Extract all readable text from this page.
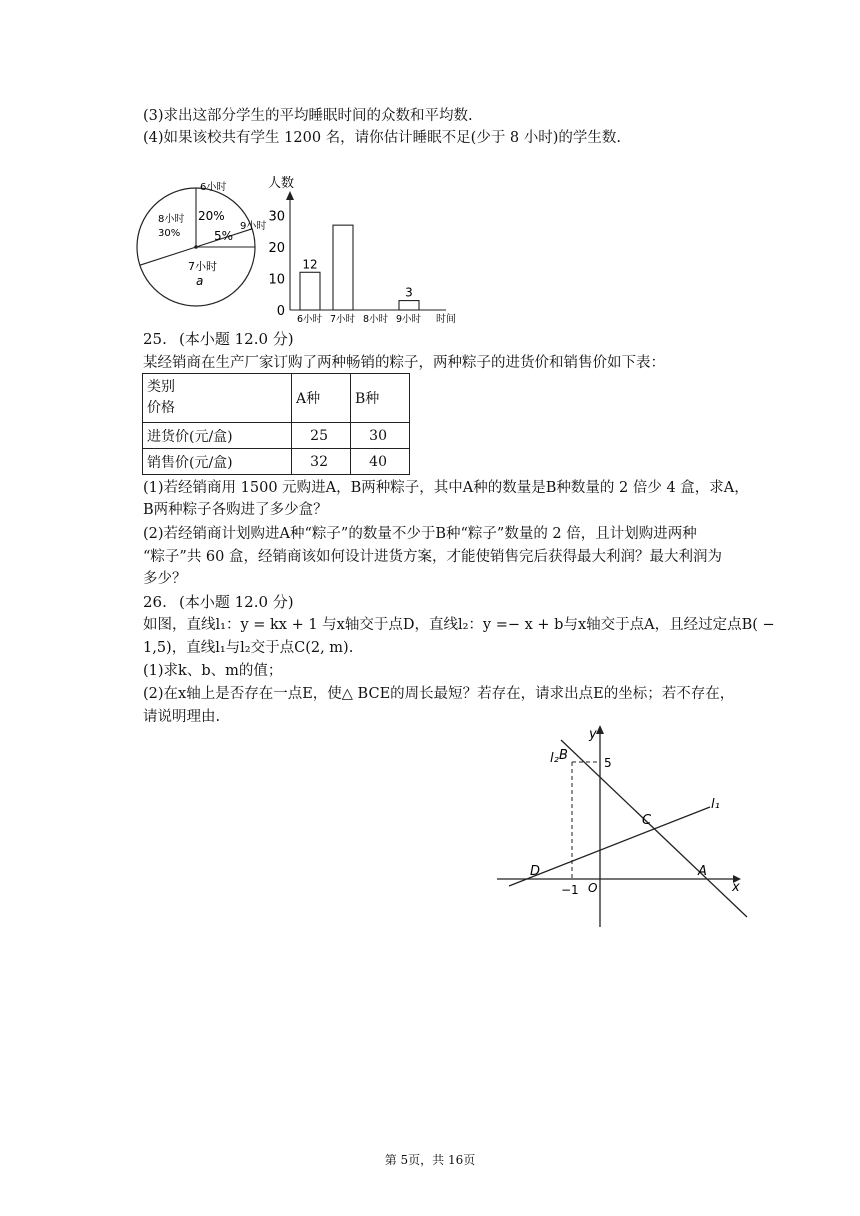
(3)求出这部分学生的平均睡眠时间的众数和平均数.
(4)如果该校共有学生 1200 名，请你估计睡眠不足(少于 8 小时)的学生数.
6小时
20%
9小时
5%
8小时
30%
7小时
a
人数
0
10
20
30
时间
12
6小时 7小时 8小时
3
9小时
25. (本小题 12.0 分)
某经销商在生产厂家订购了两种畅销的粽子，两种粽子的进货价和销售价如下表：
类别
价格	A种	B种
进货价(元/盒)	25	30
销售价(元/盒)	32	40
(1)若经销商用 1500 元购进A，B两种粽子，其中A种的数量是B种数量的 2 倍少 4 盒，求A，
B两种粽子各购进了多少盒？
(2)若经销商计划购进A种“粽子”的数量不少于B种“粽子”数量的 2 倍，且计划购进两种
“粽子”共 60 盒，经销商该如何设计进货方案，才能使销售完后获得最大利润？最大利润为
多少？
26. (本小题 12.0 分)
如图，直线l₁：y = kx + 1 与x轴交于点D，直线l₂：y =− x + b与x轴交于点A，且经过定点B( −
1,5)，直线l₁与l₂交于点C(2, m).
(1)求k、b、m的值；
(2)在x轴上是否存在一点E，使△ BCE的周长最短？若存在，请求出点E的坐标；若不存在，
请说明理由.
y
x
l₂ B	5
C
l₁
D
−1 O
A
第 5页，共 16页
